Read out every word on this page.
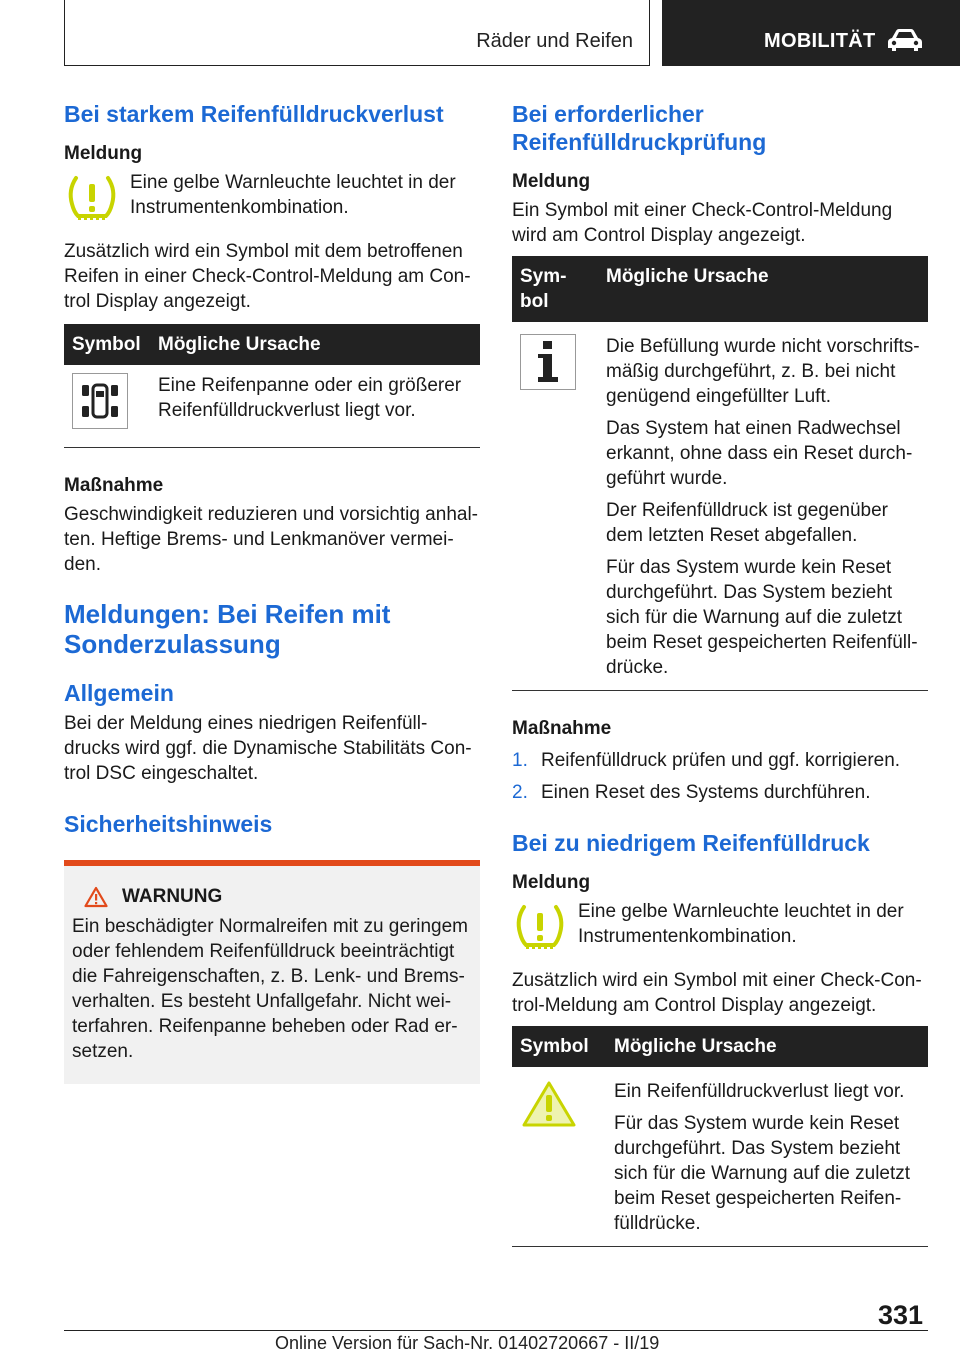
Räder und Reifen	MOBILITÄT
Bei starkem Reifenfülldruckverlust
Meldung
Eine gelbe Warnleuchte leuchtet in der Instrumentenkombination.

Zusätzlich wird ein Symbol mit dem betroffenen Reifen in einer Check-Control-Meldung am Con-trol Display angezeigt.

Symbol	Mögliche Ursache

	Eine Reifenpanne oder ein größerer Reifenfülldruckverlust liegt vor.
Maßnahme

Geschwindigkeit reduzieren und vorsichtig anhal-ten. Heftige Brems- und Lenkmanöver vermei-den.

Meldungen: Bei Reifen mit Sonderzulassung
Allgemein

Bei der Meldung eines niedrigen Reifenfüll-drucks wird ggf. die Dynamische Stabilitäts Con-trol DSC eingeschaltet.

Sicherheitshinweis
WARNUNG
Ein beschädigter Normalreifen mit zu geringem oder fehlendem Reifenfülldruck beeinträchtigt die Fahreigenschaften, z. B. Lenk- und Brems-verhalten. Es besteht Unfallgefahr. Nicht wei-terfahren. Reifenpanne beheben oder Rad er-setzen.
Bei erforderlicher Reifenfülldruckprüfung
Meldung

Ein Symbol mit einer Check-Control-Meldung wird am Control Display angezeigt.

Sym-bol	Mögliche Ursache

Die Befüllung wurde nicht vorschrifts-mäßig durchgeführt, z. B. bei nicht genügend eingefüllter Luft.

Das System hat einen Radwechsel erkannt, ohne dass ein Reset durch-geführt wurde.

Der Reifenfülldruck ist gegenüber dem letzten Reset abgefallen.

Für das System wurde kein Reset durchgeführt. Das System bezieht sich für die Warnung auf die zuletzt beim Reset gespeicherten Reifenfüll-drücke.

Maßnahme
1. Reifenfülldruck prüfen und ggf. korrigieren.
2. Einen Reset des Systems durchführen.
Bei zu niedrigem Reifenfülldruck
Meldung
Eine gelbe Warnleuchte leuchtet in der Instrumentenkombination.

Zusätzlich wird ein Symbol mit einer Check-Con-trol-Meldung am Control Display angezeigt.

Symbol	Mögliche Ursache

Ein Reifenfülldruckverlust liegt vor.

Für das System wurde kein Reset durchgeführt. Das System bezieht sich für die Warnung auf die zuletzt beim Reset gespeicherten Reifen-fülldrücke.

331
Online Version für Sach-Nr. 01402720667 - II/19
